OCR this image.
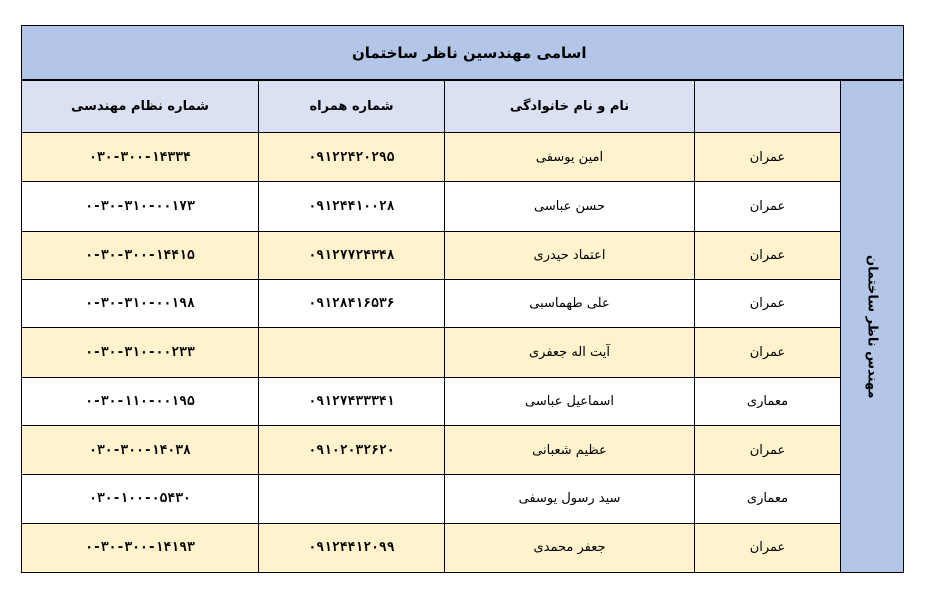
اسامی مهندسین ناظر ساختمان
شماره نظام مهندسی	شماره همراه	نام و نام خانوادگی	
۰۳۰-۳۰۰-۱۴۳۳۴	۰۹۱۲۲۴۲۰۲۹۵	امین یوسفی	عمران
۰-۳۰-۳۱۰-۰۰۱۷۳	۰۹۱۲۴۴۱۰۰۲۸	حسن عباسی	عمران
۰-۳۰-۳۰۰-۱۴۴۱۵	۰۹۱۲۷۷۲۴۳۴۸	اعتماد حیدری	عمران
۰-۳۰-۳۱۰-۰۰۱۹۸	۰۹۱۲۸۴۱۶۵۳۶	علی طهماسبی	عمران
۰-۳۰-۳۱۰-۰۰۲۳۳		آیت اله جعفری	عمران
۰-۳۰-۱۱۰-۰۰۱۹۵	۰۹۱۲۷۴۳۳۳۴۱	اسماعیل عباسی	معماری
۰۳۰-۳۰۰-۱۴۰۳۸	۰۹۱۰۲۰۳۲۶۲۰	عظیم شعبانی	عمران
۰۳۰-۱۰۰-۰۵۴۳۰		سید رسول یوسفی	معماری
۰-۳۰-۳۰۰-۱۴۱۹۳	۰۹۱۲۴۴۱۲۰۹۹	جعفر محمدی	عمران
مهندس ناظر ساختمان
